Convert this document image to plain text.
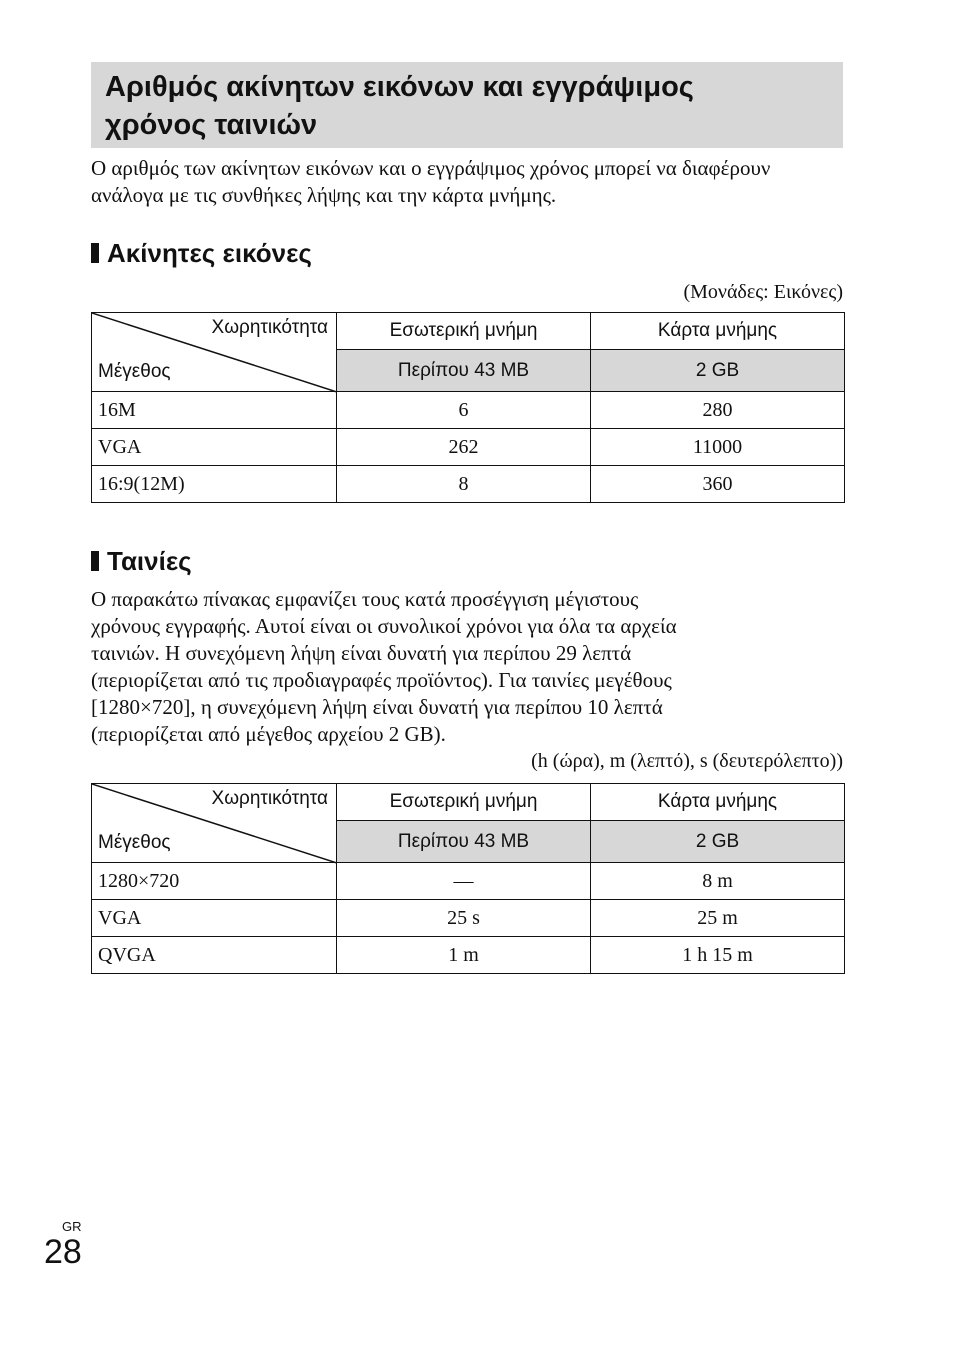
Αριθμός ακίνητων εικόνων και εγγράψιμος
χρόνος ταινιών

Ο αριθμός των ακίνητων εικόνων και ο εγγράψιμος χρόνος μπορεί να διαφέρουν ανάλογα με τις συνθήκες λήψης και την κάρτα μνήμης.

Ακίνητες εικόνες

(Μονάδες: Εικόνες)

Χωρητικότητα
Μέγεθος	Εσωτερική μνήμη	Κάρτα μνήμης
	Περίπου 43 MB	2 GB
16M	6	280
VGA	262	11000
16:9(12M)	8	360
Ταινίες

Ο παρακάτω πίνακας εμφανίζει τους κατά προσέγγιση μέγιστους
χρόνους εγγραφής. Αυτοί είναι οι συνολικοί χρόνοι για όλα τα αρχεία
ταινιών. Η συνεχόμενη λήψη είναι δυνατή για περίπου 29 λεπτά
(περιορίζεται από τις προδιαγραφές προϊόντος). Για ταινίες μεγέθους
[1280×720], η συνεχόμενη λήψη είναι δυνατή για περίπου 10 λεπτά
(περιορίζεται από μέγεθος αρχείου 2 GB).

(h (ώρα), m (λεπτό), s (δευτερόλεπτο))

Χωρητικότητα
Μέγεθος	Εσωτερική μνήμη	Κάρτα μνήμης
	Περίπου 43 MB	2 GB
1280×720	—	8 m
VGA	25 s	25 m
QVGA	1 m	1 h 15 m
GR
28
